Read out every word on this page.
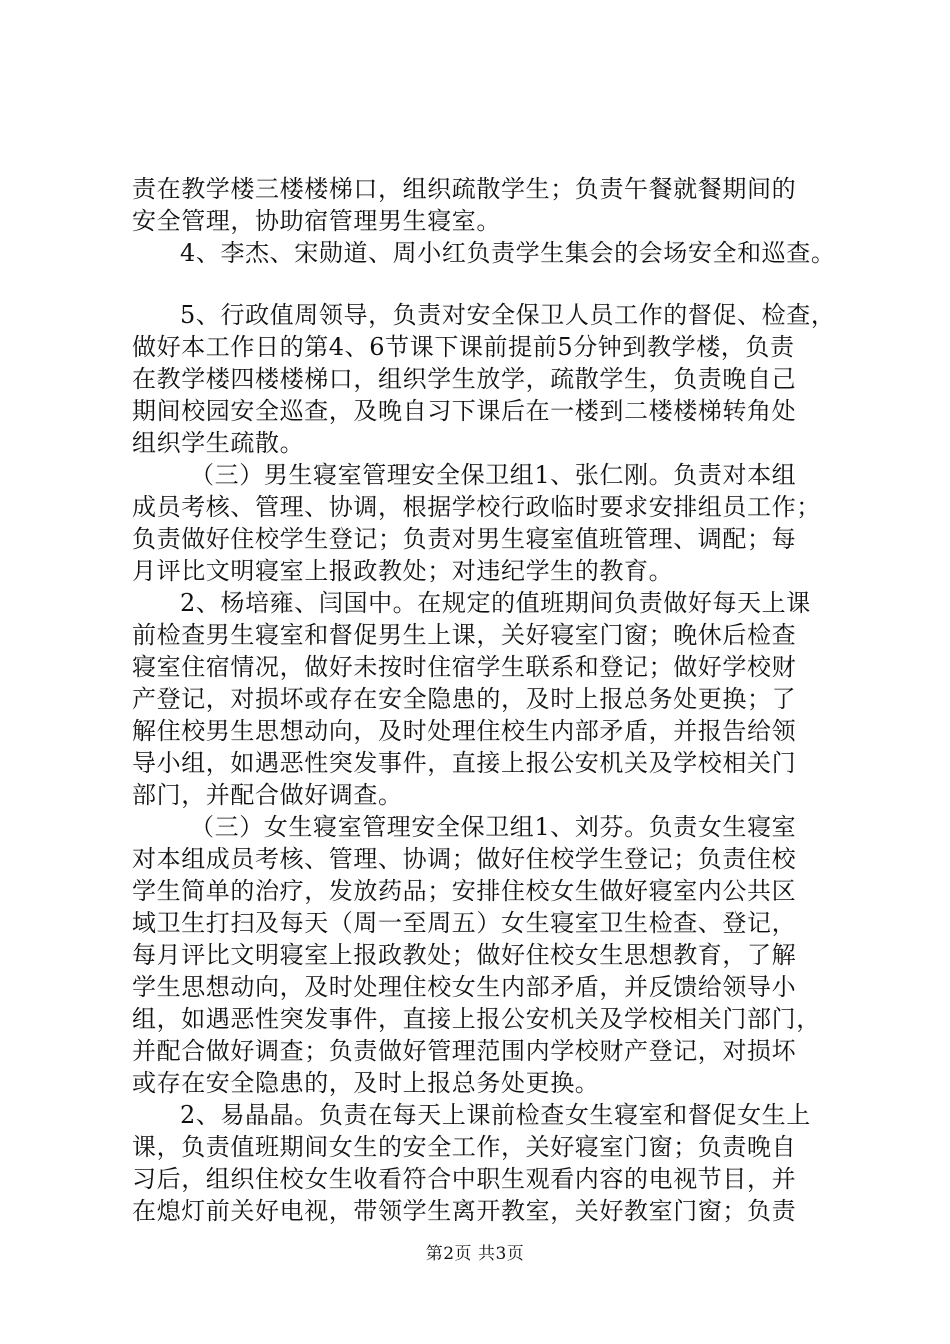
责在教学楼三楼楼梯口，组织疏散学生；负责午餐就餐期间的
安全管理，协助宿管理男生寝室。
4、李杰、宋勋道、周小红负责学生集会的会场安全和巡查。
5、行政值周领导，负责对安全保卫人员工作的督促、检查，
做好本工作日的第4、6节课下课前提前5分钟到教学楼，负责
在教学楼四楼楼梯口，组织学生放学，疏散学生，负责晚自己
期间校园安全巡查，及晚自习下课后在一楼到二楼楼梯转角处
组织学生疏散。
（三）男生寝室管理安全保卫组1、张仁刚。负责对本组
成员考核、管理、协调，根据学校行政临时要求安排组员工作；
负责做好住校学生登记；负责对男生寝室值班管理、调配；每
月评比文明寝室上报政教处；对违纪学生的教育。
2、杨培雍、闫国中。在规定的值班期间负责做好每天上课
前检查男生寝室和督促男生上课，关好寝室门窗；晚休后检查
寝室住宿情况，做好未按时住宿学生联系和登记；做好学校财
产登记，对损坏或存在安全隐患的，及时上报总务处更换；了
解住校男生思想动向，及时处理住校生内部矛盾，并报告给领
导小组，如遇恶性突发事件，直接上报公安机关及学校相关门
部门，并配合做好调查。
（三）女生寝室管理安全保卫组1、刘芬。负责女生寝室
对本组成员考核、管理、协调；做好住校学生登记；负责住校
学生简单的治疗，发放药品；安排住校女生做好寝室内公共区
域卫生打扫及每天（周一至周五）女生寝室卫生检查、登记，
每月评比文明寝室上报政教处；做好住校女生思想教育，了解
学生思想动向，及时处理住校女生内部矛盾，并反馈给领导小
组，如遇恶性突发事件，直接上报公安机关及学校相关门部门，
并配合做好调查；负责做好管理范围内学校财产登记，对损坏
或存在安全隐患的，及时上报总务处更换。
2、易晶晶。负责在每天上课前检查女生寝室和督促女生上
课，负责值班期间女生的安全工作，关好寝室门窗；负责晚自
习后，组织住校女生收看符合中职生观看内容的电视节目，并
在熄灯前关好电视，带领学生离开教室，关好教室门窗；负责
第2页 共3页
